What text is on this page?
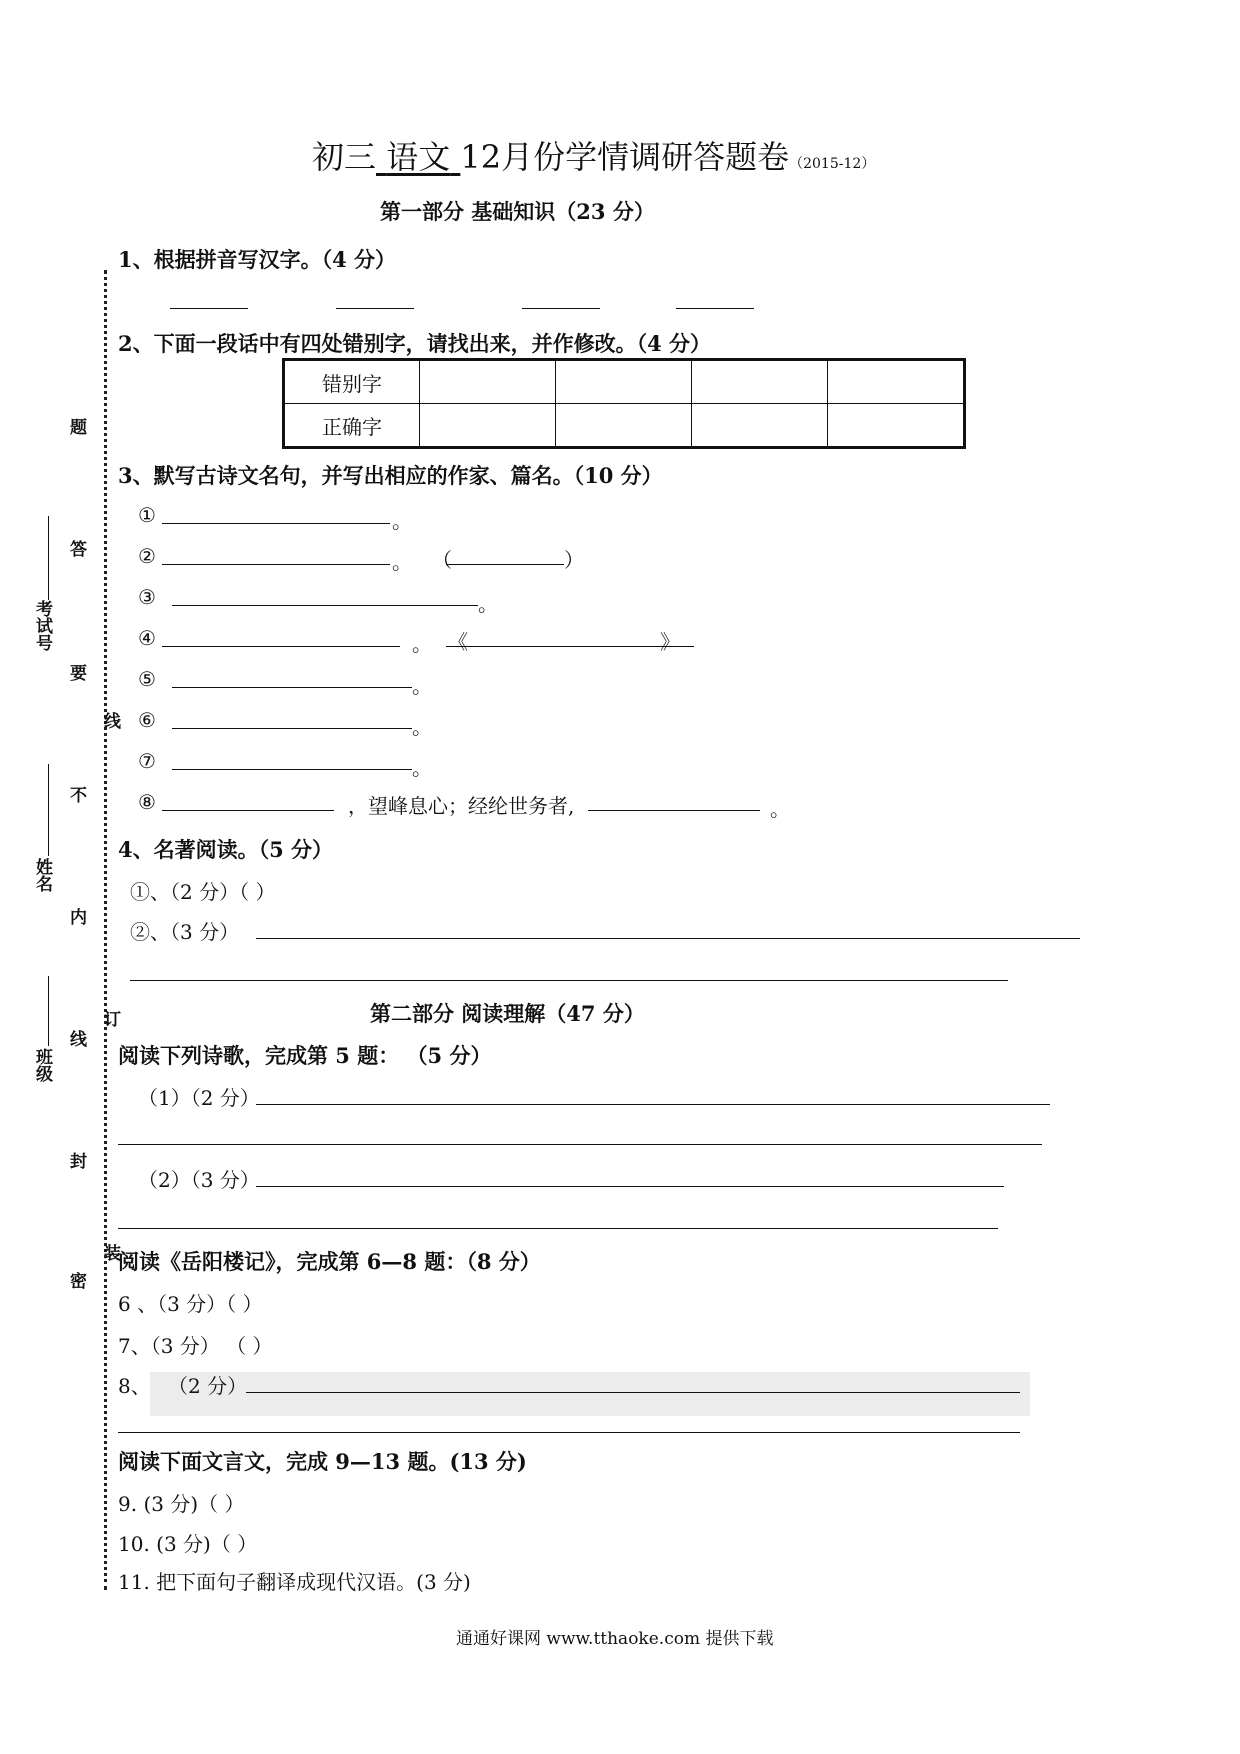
初三 语文 12月份学情调研答题卷（2015-12）
第一部分 基础知识（23 分）
1、根据拼音写汉字。（4 分）
2、下面一段话中有四处错别字，请找出来，并作修改。（4 分）
错别字				
正确字				
3、默写古诗文名句，并写出相应的作家、篇名。（10 分）
①	。
②	。 （	）
③	。
④	。 《	》
⑤	。
⑥	。
⑦	。
⑧	，望峰息心；经纶世务者,	。
4、名著阅读。（5 分）
①、（2 分）（ ）
②、（3 分）
第二部分 阅读理解（47 分）
阅读下列诗歌，完成第 5 题： （5 分）
（1）（2 分）
（2）（3 分）
阅读《岳阳楼记》，完成第 6—8 题：（8 分）
6 、（3 分）（ ）
7、（3 分） （ ）
8、 （2 分）
阅读下面文言文，完成 9—13 题。(13 分)
9. (3 分)（ ）
10. (3 分)（ ）
11. 把下面句子翻译成现代汉语。(3 分)
考试号
姓名
班级
题
答
要
不
内
线
封
密
线
订
装
通通好课网 www.tthaoke.com 提供下载
